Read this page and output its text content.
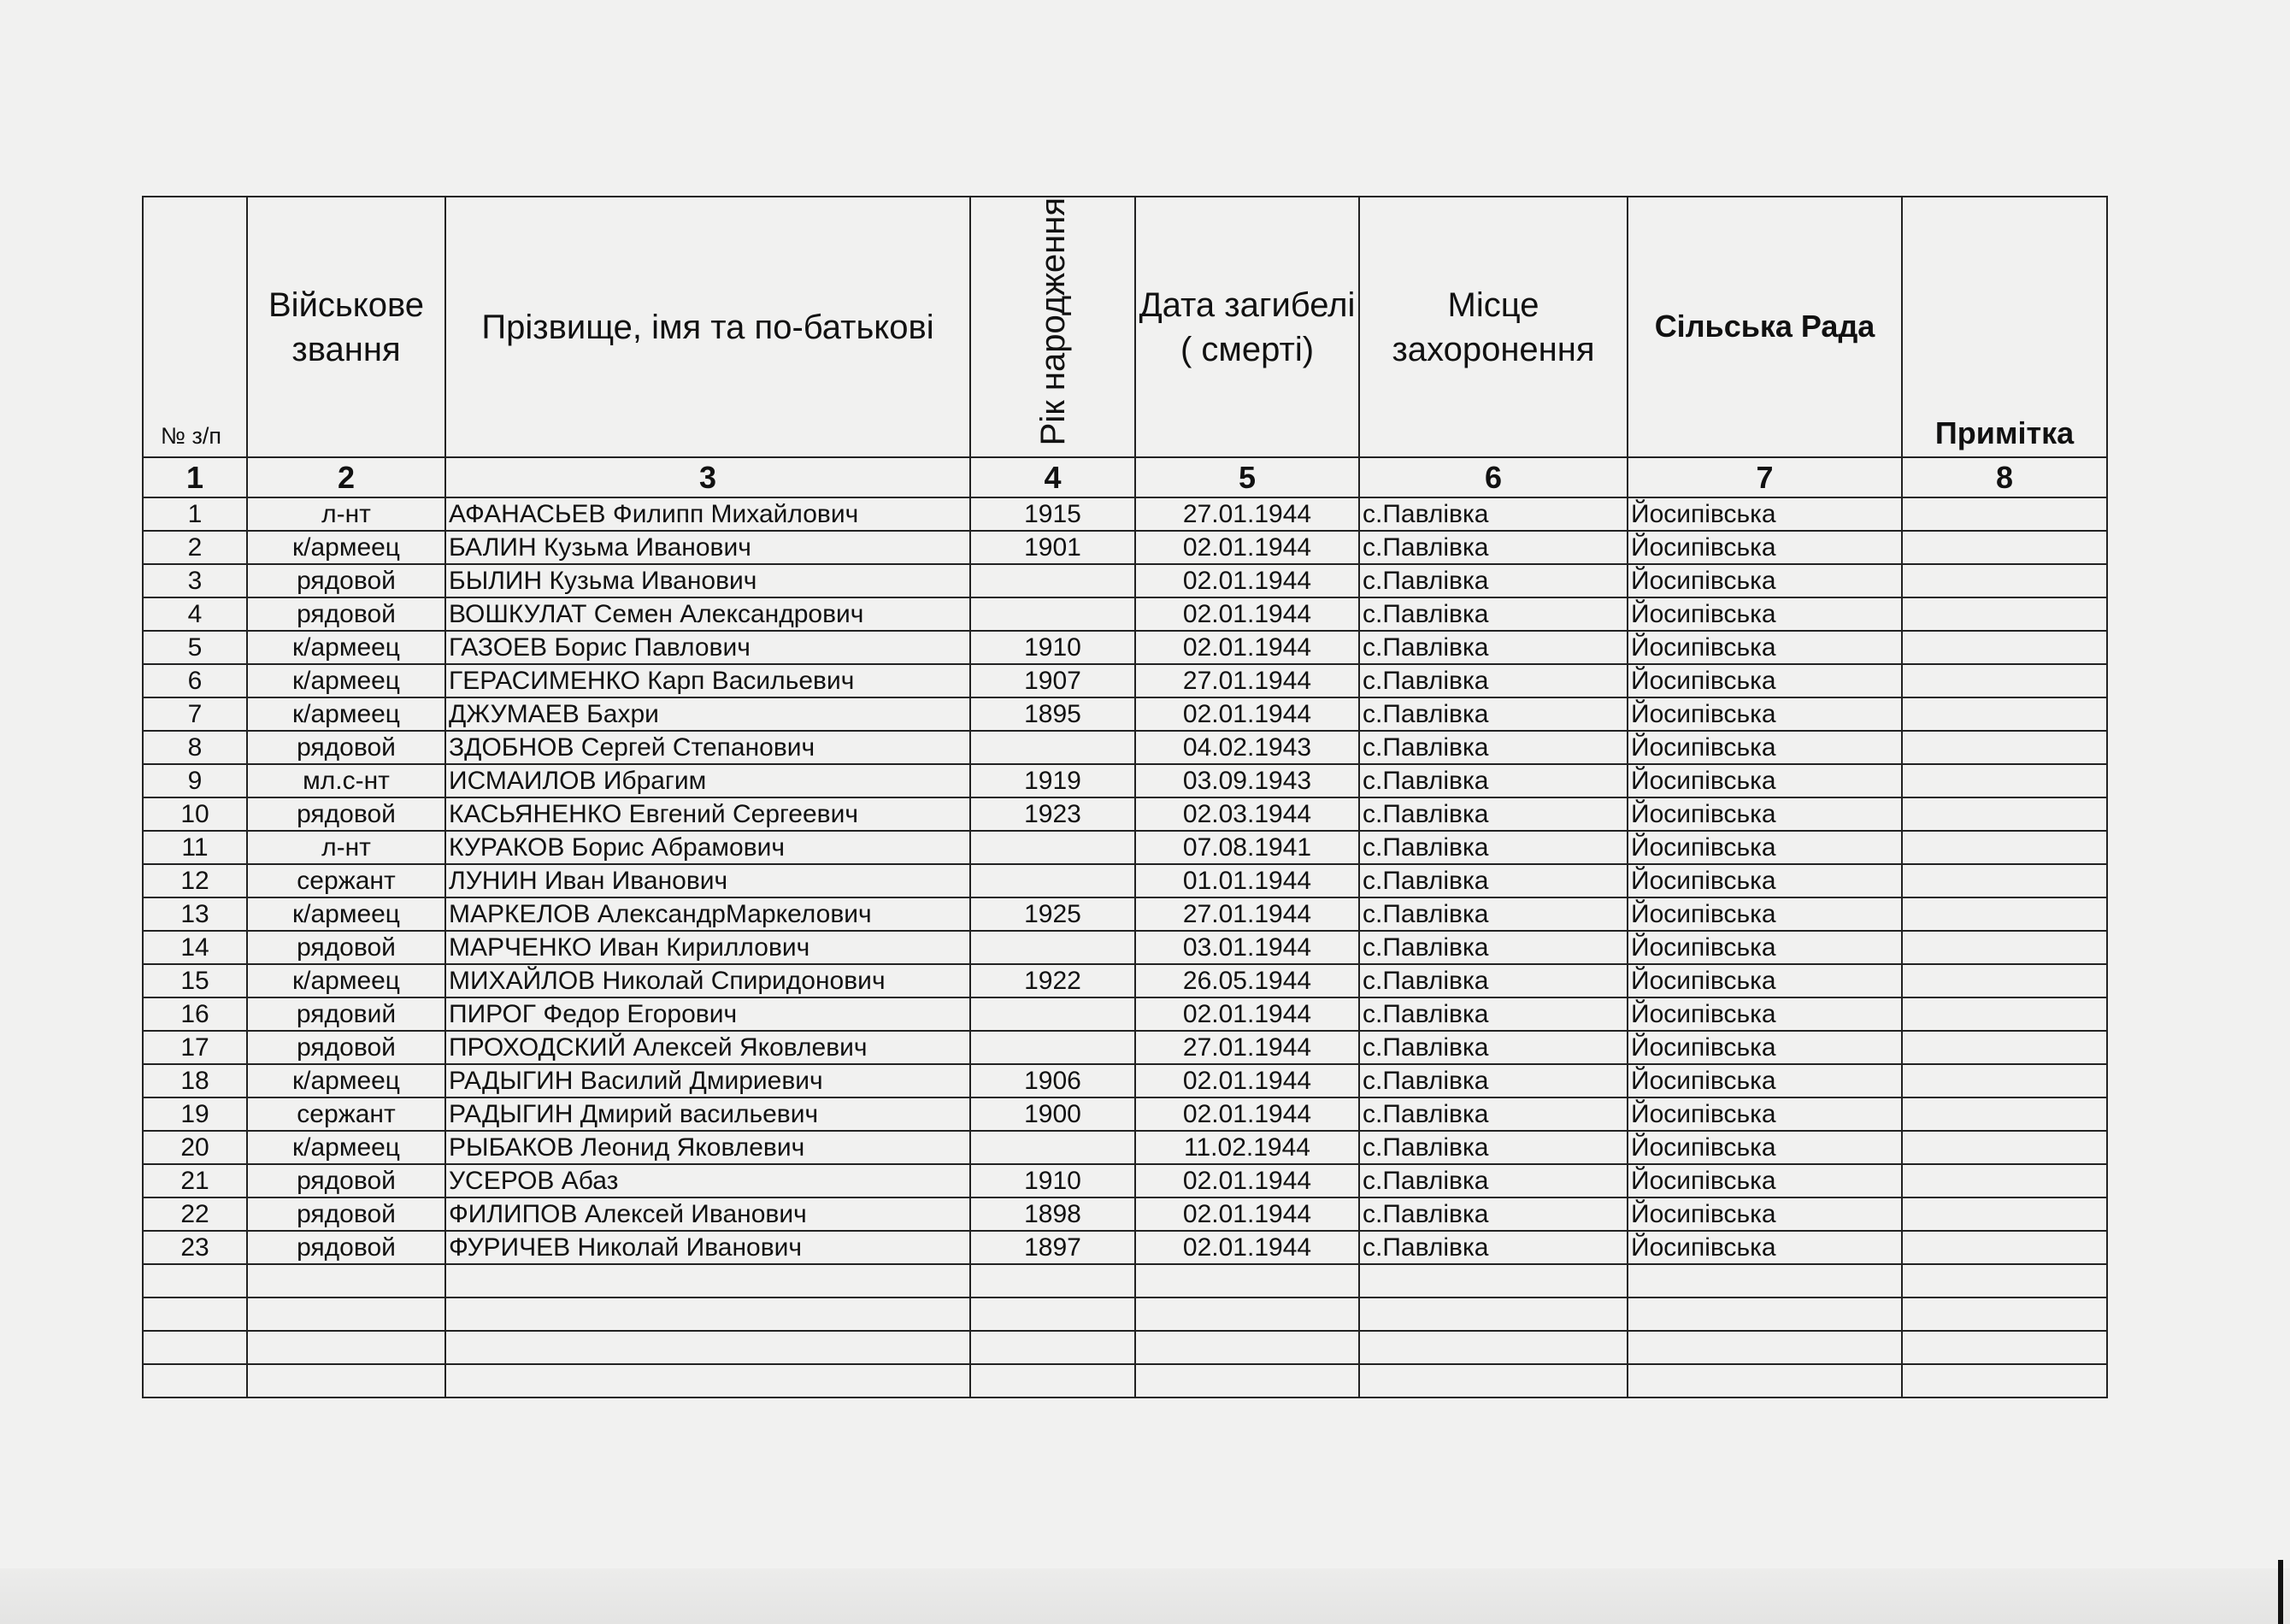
№ з/п	Військове звання	Прізвище, імя та по-батькові	Рік народження	Дата загибелі ( смерті)	Місце захоронення	Сільська Рада	Примітка
1	2	3	4	5	6	7	8
1	л-нт	АФАНАСЬЕВ Филипп Михайлович	1915	27.01.1944	с.Павлівка	Йосипівська	
2	к/армеец	БАЛИН Кузьма Иванович	1901	02.01.1944	с.Павлівка	Йосипівська	
3	рядовой	БЫЛИН Кузьма Иванович		02.01.1944	с.Павлівка	Йосипівська	
4	рядовой	ВОШКУЛАТ Семен Александрович		02.01.1944	с.Павлівка	Йосипівська	
5	к/армеец	ГАЗОЕВ Борис Павлович	1910	02.01.1944	с.Павлівка	Йосипівська	
6	к/армеец	ГЕРАСИМЕНКО Карп Васильевич	1907	27.01.1944	с.Павлівка	Йосипівська	
7	к/армеец	ДЖУМАЕВ Бахри	1895	02.01.1944	с.Павлівка	Йосипівська	
8	рядовой	ЗДОБНОВ Сергей Степанович		04.02.1943	с.Павлівка	Йосипівська	
9	мл.с-нт	ИСМАИЛОВ Ибрагим	1919	03.09.1943	с.Павлівка	Йосипівська	
10	рядовой	КАСЬЯНЕНКО Евгений Сергеевич	1923	02.03.1944	с.Павлівка	Йосипівська	
11	л-нт	КУРАКОВ Борис Абрамович		07.08.1941	с.Павлівка	Йосипівська	
12	сержант	ЛУНИН Иван Иванович		01.01.1944	с.Павлівка	Йосипівська	
13	к/армеец	МАРКЕЛОВ АлександрМаркелович	1925	27.01.1944	с.Павлівка	Йосипівська	
14	рядовой	МАРЧЕНКО Иван Кириллович		03.01.1944	с.Павлівка	Йосипівська	
15	к/армеец	МИХАЙЛОВ Николай Спиридонович	1922	26.05.1944	с.Павлівка	Йосипівська	
16	рядовий	ПИРОГ Федор Егорович		02.01.1944	с.Павлівка	Йосипівська	
17	рядовой	ПРОХОДСКИЙ Алексей Яковлевич		27.01.1944	с.Павлівка	Йосипівська	
18	к/армеец	РАДЫГИН Василий Дмириевич	1906	02.01.1944	с.Павлівка	Йосипівська	
19	сержант	РАДЫГИН Дмирий васильевич	1900	02.01.1944	с.Павлівка	Йосипівська	
20	к/армеец	РЫБАКОВ Леонид Яковлевич		11.02.1944	с.Павлівка	Йосипівська	
21	рядовой	УСЕРОВ Абаз	1910	02.01.1944	с.Павлівка	Йосипівська	
22	рядовой	ФИЛИПОВ Алексей Иванович	1898	02.01.1944	с.Павлівка	Йосипівська	
23	рядовой	ФУРИЧЕВ Николай Иванович	1897	02.01.1944	с.Павлівка	Йосипівська	
